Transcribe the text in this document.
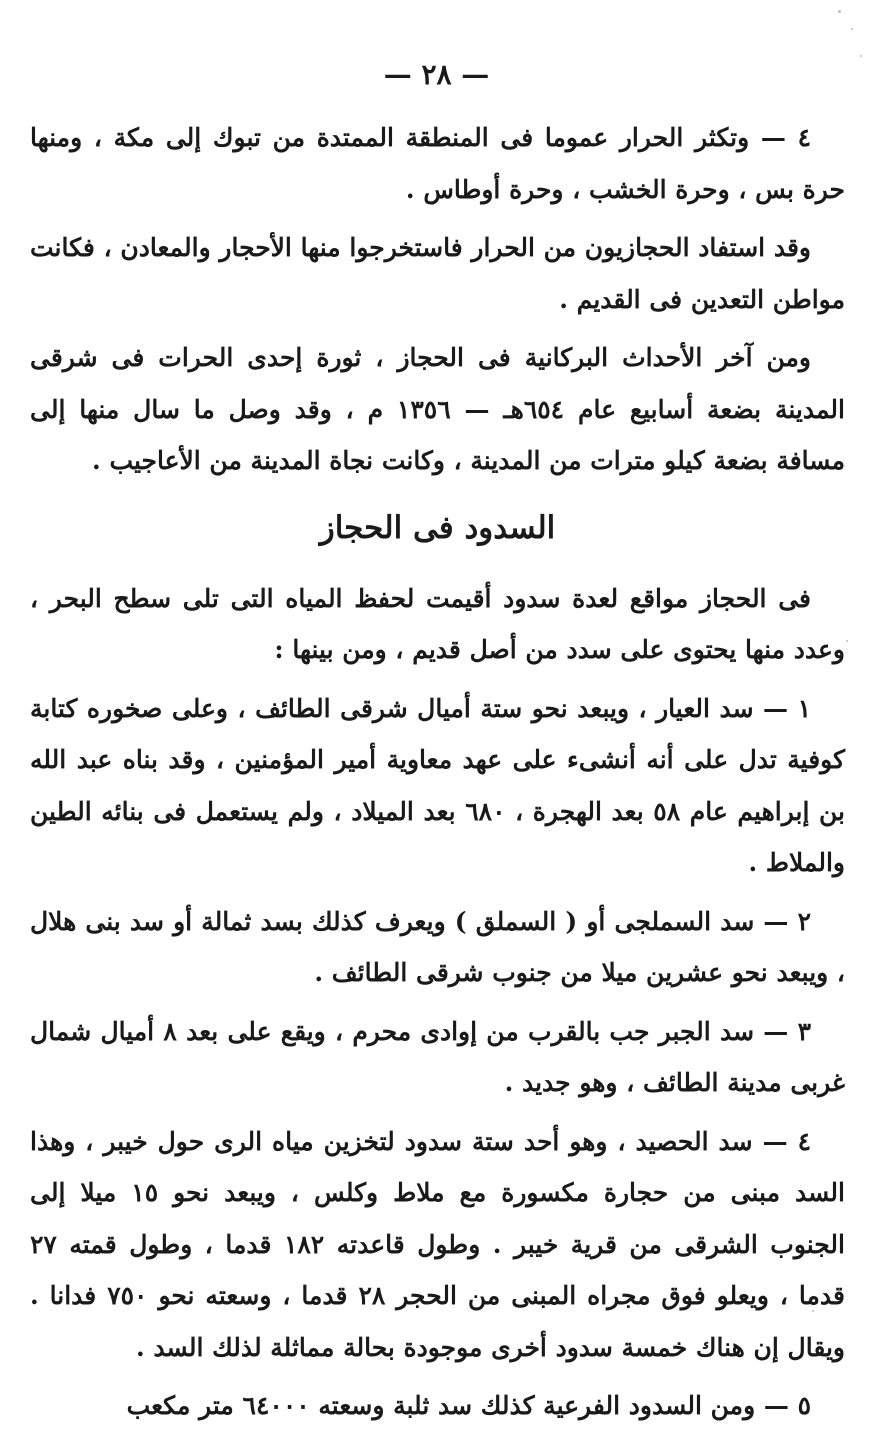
— ٢٨ —

٤ — وتكثر الحرار عموما فى المنطقة الممتدة من تبوك إلى مكة ، ومنها حرة بس ، وحرة الخشب ، وحرة أوطاس .

وقد استفاد الحجازيون من الحرار فاستخرجوا منها الأحجار والمعادن ، فكانت مواطن التعدين فى القديم .

ومن آخر الأحداث البركانية فى الحجاز ، ثورة إحدى الحرات فى شرقى المدينة بضعة أسابيع عام ٦٥٤هـ — ١٣٥٦ م ، وقد وصل ما سال منها إلى مسافة بضعة كيلو مترات من المدينة ، وكانت نجاة المدينة من الأعاجيب .

السدود فى الحجاز

فى الحجاز مواقع لعدة سدود أقيمت لحفظ المياه التى تلى سطح البحر ، وعدد منها يحتوى على سدد من أصل قديم ، ومن بينها :

١ — سد العيار ، ويبعد نحو ستة أميال شرقى الطائف ، وعلى صخوره كتابة كوفية تدل على أنه أنشىء على عهد معاوية أمير المؤمنين ، وقد بناه عبد الله بن إبراهيم عام ٥٨ بعد الهجرة ، ٦٨٠ بعد الميلاد ، ولم يستعمل فى بنائه الطين والملاط .

٢ — سد السملجى أو ( السملق ) ويعرف كذلك بسد ثمالة أو سد بنى هلال ، ويبعد نحو عشرين ميلا من جنوب شرقى الطائف .

٣ — سد الجبر جب بالقرب من إوادى محرم ، ويقع على بعد ٨ أميال شمال غربى مدينة الطائف ، وهو جديد .

٤ — سد الحصيد ، وهو أحد ستة سدود لتخزين مياه الرى حول خيبر ، وهذا السد مبنى من حجارة مكسورة مع ملاط وكلس ، ويبعد نحو ١٥ ميلا إلى الجنوب الشرقى من قرية خيبر . وطول قاعدته ١٨٢ قدما ، وطول قمته ٢٧ قدما ، ويعلو فوق مجراه المبنى من الحجر ٢٨ قدما ، وسعته نحو ٧٥٠ فدانا . ويقال إن هناك خمسة سدود أخرى موجودة بحالة مماثلة لذلك السد .

٥ — ومن السدود الفرعية كذلك سد ثلبة وسعته ٦٤٠٠٠ متر مكعب
